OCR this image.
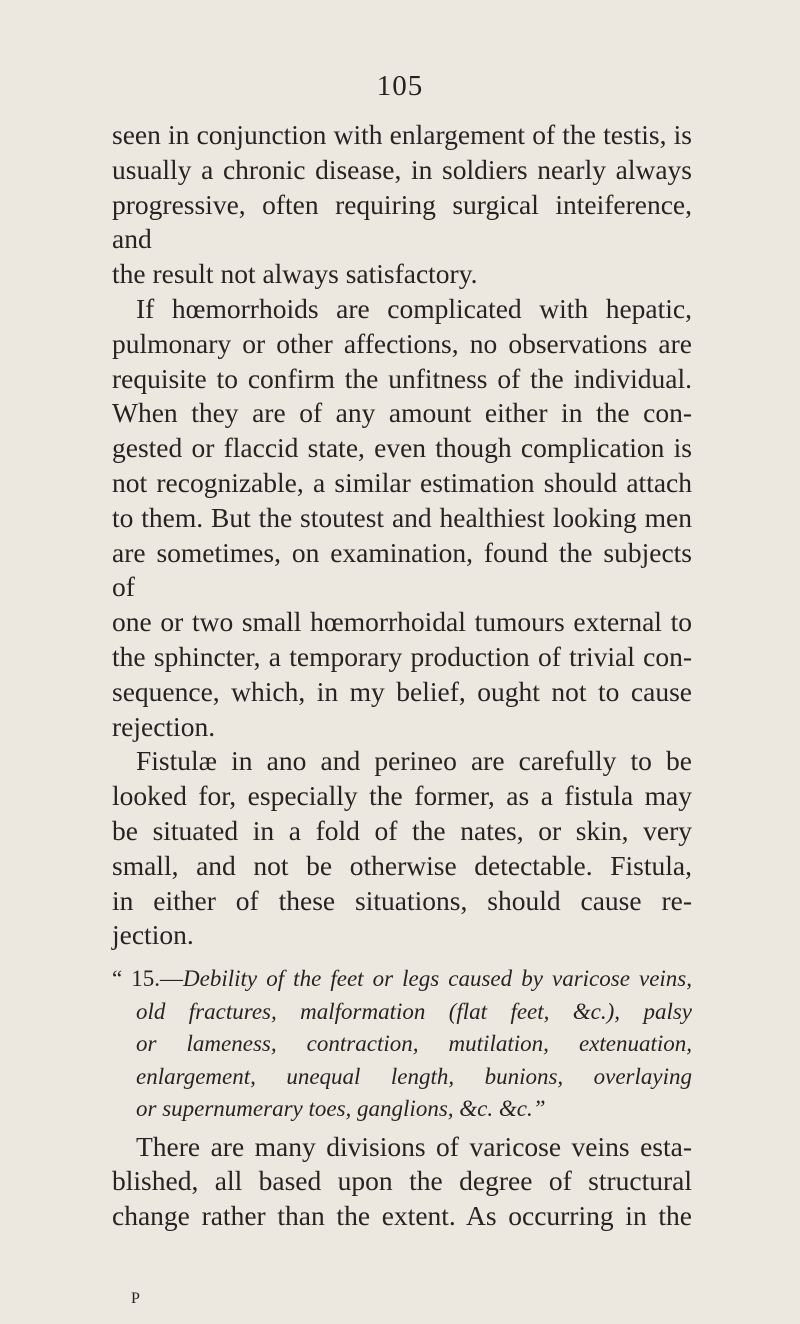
105
seen in conjunction with enlargement of the testis, is
usually a chronic disease, in soldiers nearly always
progressive, often requiring surgical inteiference, and
the result not always satisfactory.
If hœmorrhoids are complicated with hepatic,
pulmonary or other affections, no observations are
requisite to confirm the unfitness of the individual.
When they are of any amount either in the con-
gested or flaccid state, even though complication is
not recognizable, a similar estimation should attach
to them. But the stoutest and healthiest looking men
are sometimes, on examination, found the subjects of
one or two small hœmorrhoidal tumours external to
the sphincter, a temporary production of trivial con-
sequence, which, in my belief, ought not to cause
rejection.
Fistulæ in ano and perineo are carefully to be
looked for, especially the former, as a fistula may
be situated in a fold of the nates, or skin, very
small, and not be otherwise detectable. Fistula,
in either of these situations, should cause re-
jection.
“ 15.—Debility of the feet or legs caused by varicose veins,
old fractures, malformation (flat feet, &c.), palsy
or lameness, contraction, mutilation, extenuation,
enlargement, unequal length, bunions, overlaying
or supernumerary toes, ganglions, &c. &c.”
There are many divisions of varicose veins esta-
blished, all based upon the degree of structural
change rather than the extent. As occurring in the
P
